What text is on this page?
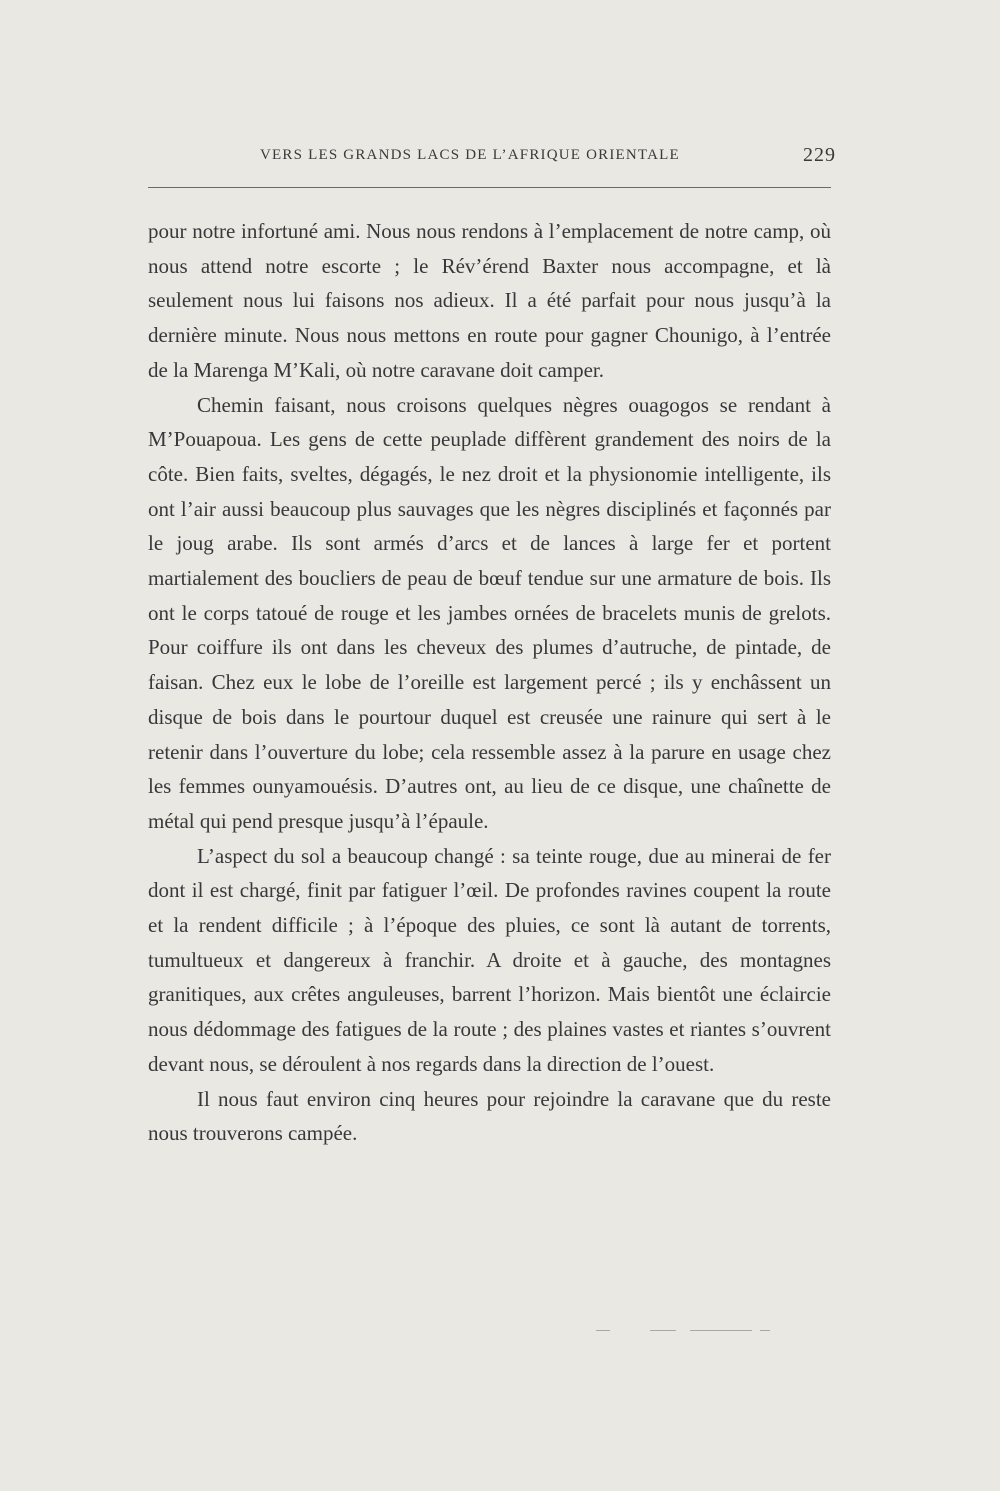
VERS LES GRANDS LACS DE L’AFRIQUE ORIENTALE	229

pour notre infortuné ami. Nous nous rendons à l’emplacement de notre camp, où nous attend notre escorte ; le Rév’érend Baxter nous accompagne, et là seulement nous lui faisons nos adieux. Il a été parfait pour nous jusqu’à la dernière minute. Nous nous mettons en route pour gagner Chounigo, à l’entrée de la Marenga M’Kali, où notre caravane doit camper.

Chemin faisant, nous croisons quelques nègres ouagogos se rendant à M’Pouapoua. Les gens de cette peuplade diffèrent grandement des noirs de la côte. Bien faits, sveltes, dégagés, le nez droit et la physionomie intelligente, ils ont l’air aussi beaucoup plus sauvages que les nègres disciplinés et façonnés par le joug arabe. Ils sont armés d’arcs et de lances à large fer et portent martialement des boucliers de peau de bœuf tendue sur une armature de bois. Ils ont le corps tatoué de rouge et les jambes ornées de bracelets munis de grelots. Pour coiffure ils ont dans les cheveux des plumes d’autruche, de pintade, de faisan. Chez eux le lobe de l’oreille est largement percé ; ils y enchâssent un disque de bois dans le pourtour duquel est creusée une rainure qui sert à le retenir dans l’ouverture du lobe; cela ressemble assez à la parure en usage chez les femmes ounyamouésis. D’autres ont, au lieu de ce disque, une chaînette de métal qui pend presque jusqu’à l’épaule.

L’aspect du sol a beaucoup changé : sa teinte rouge, due au minerai de fer dont il est chargé, finit par fatiguer l’œil. De profondes ravines coupent la route et la rendent difficile ; à l’époque des pluies, ce sont là autant de torrents, tumultueux et dangereux à franchir. A droite et à gauche, des montagnes granitiques, aux crêtes anguleuses, barrent l’horizon. Mais bientôt une éclaircie nous dédommage des fatigues de la route ; des plaines vastes et riantes s’ouvrent devant nous, se déroulent à nos regards dans la direction de l’ouest.

Il nous faut environ cinq heures pour rejoindre la caravane que du reste nous trouverons campée.
